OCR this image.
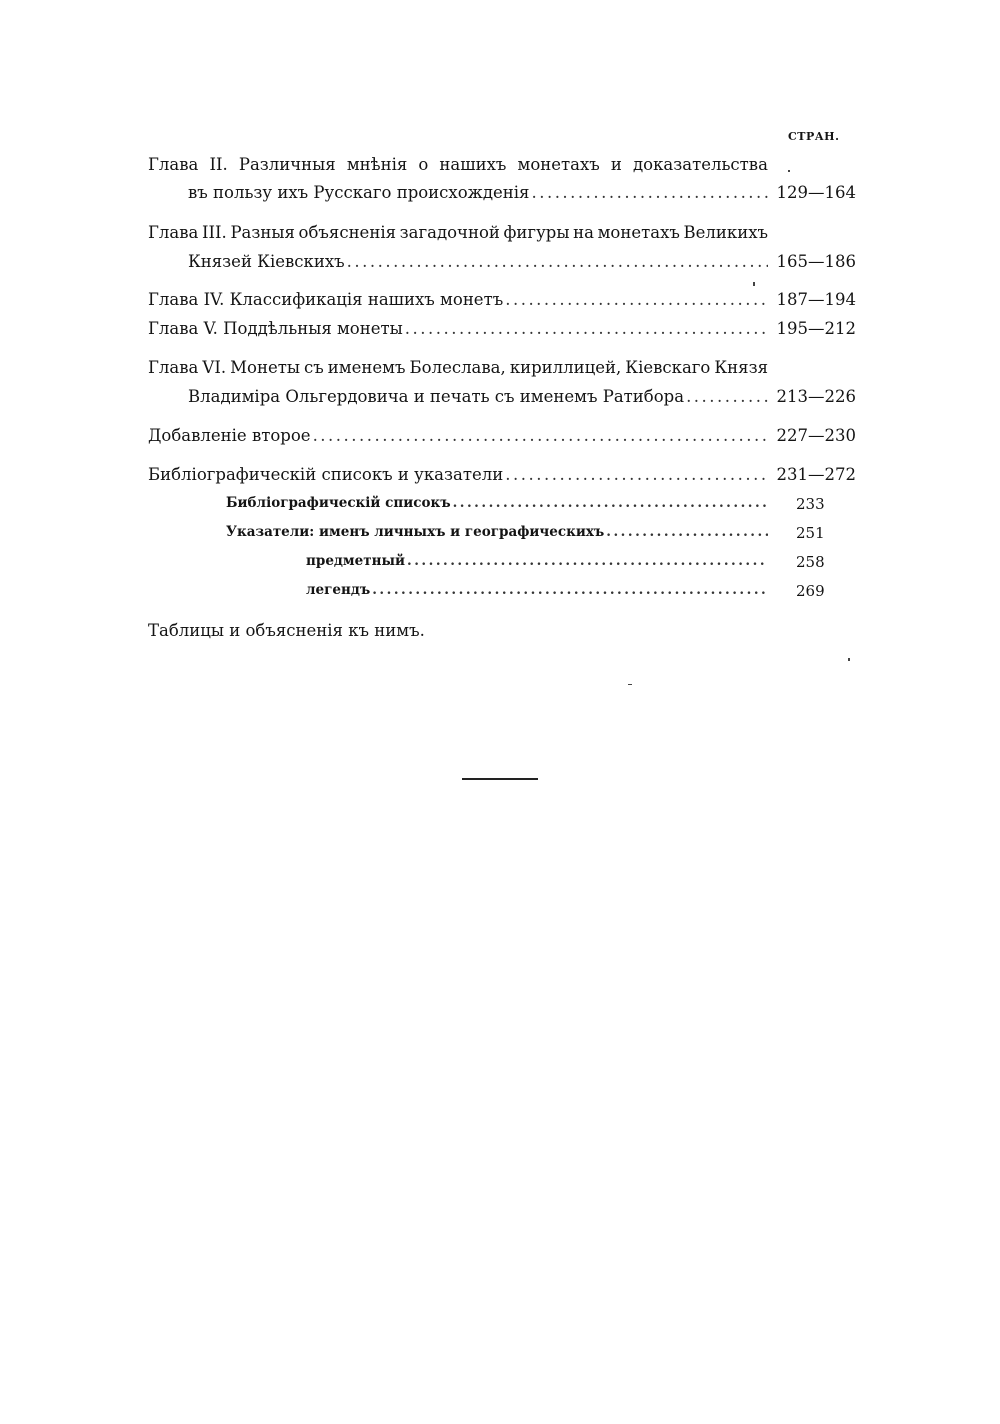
СТРАН.
Глава II. Различныя мнѣнія о нашихъ монетахъ и доказательства
въ пользу ихъ Русскаго происхожденія .....	129—164
Глава III. Разныя объясненія загадочной фигуры на монетахъ Великихъ
Князей Кіевскихъ .....	165—186
Глава IV. Классификація нашихъ монетъ .....	187—194
Глава V. Поддѣльныя монеты .....	195—212
Глава VI. Монеты съ именемъ Болеслава, кириллицей, Кіевскаго Князя
Владиміра Ольгердовича и печать съ именемъ Ратибора .....	213—226
Добавленіе второе .....	227—230
Библіографическій списокъ и указатели .....	231—272
Библіографическій списокъ .....	233
Указатели: именъ личныхъ и географическихъ .....	251
предметный .....	258
легендъ .....	269
Таблицы и объясненія къ нимъ.
